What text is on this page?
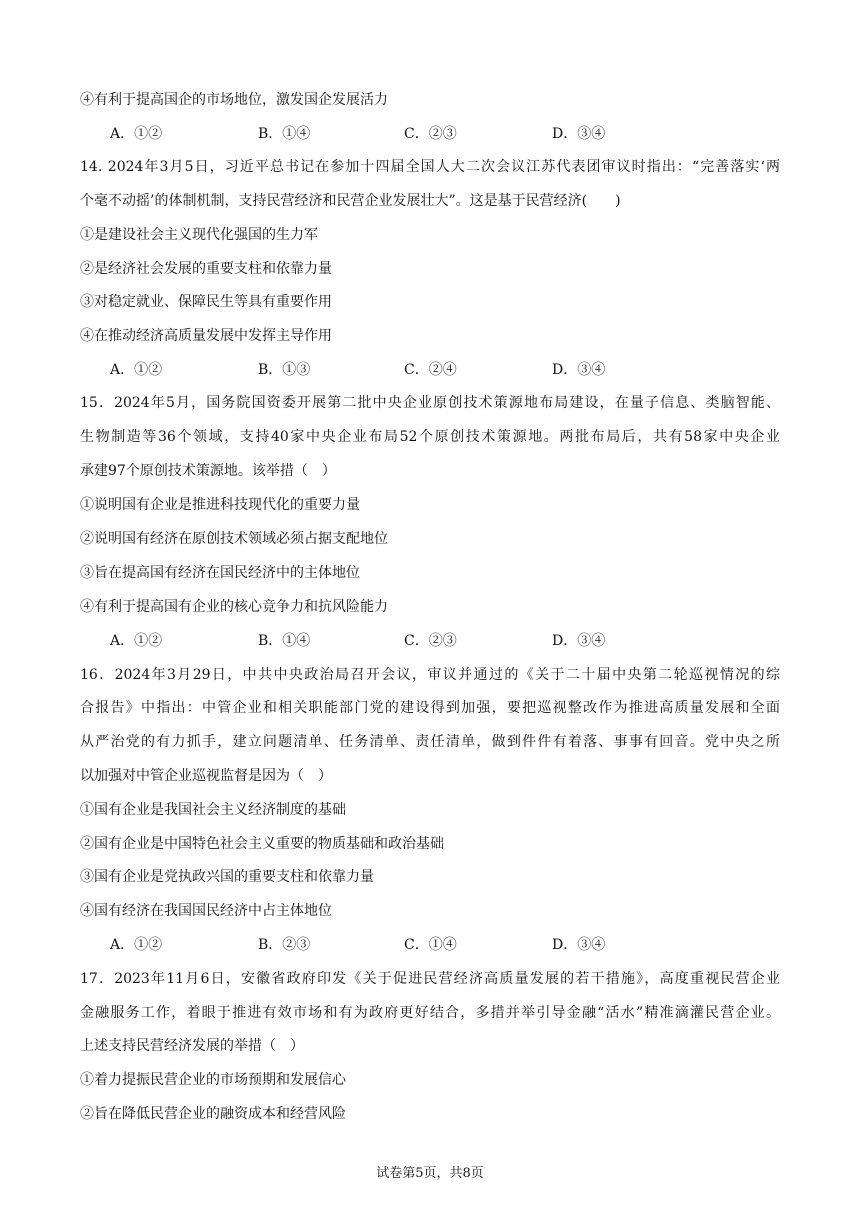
④有利于提高国企的市场地位，激发国企发展活力
A．①②	B．①④	C．②③	D．③④
14. 2024年3月5日，习近平总书记在参加十四届全国人大二次会议江苏代表团审议时指出：“完善落实‘两
个毫不动摇’的体制机制，支持民营经济和民营企业发展壮大”。这是基于民营经济(　　)
①是建设社会主义现代化强国的生力军
②是经济社会发展的重要支柱和依靠力量
③对稳定就业、保障民生等具有重要作用
④在推动经济高质量发展中发挥主导作用
A．①②	B．①③	C．②④	D．③④
15．2024年5月，国务院国资委开展第二批中央企业原创技术策源地布局建设，在量子信息、类脑智能、
生物制造等36个领域，支持40家中央企业布局52个原创技术策源地。两批布局后，共有58家中央企业
承建97个原创技术策源地。该举措（　）
①说明国有企业是推进科技现代化的重要力量
②说明国有经济在原创技术领域必须占据支配地位
③旨在提高国有经济在国民经济中的主体地位
④有利于提高国有企业的核心竞争力和抗风险能力
A．①②	B．①④	C．②③	D．③④
16．2024年3月29日，中共中央政治局召开会议，审议并通过的《关于二十届中央第二轮巡视情况的综
合报告》中指出：中管企业和相关职能部门党的建设得到加强，要把巡视整改作为推进高质量发展和全面
从严治党的有力抓手，建立问题清单、任务清单、责任清单，做到件件有着落、事事有回音。党中央之所
以加强对中管企业巡视监督是因为（　）
①国有企业是我国社会主义经济制度的基础
②国有企业是中国特色社会主义重要的物质基础和政治基础
③国有企业是党执政兴国的重要支柱和依靠力量
④国有经济在我国国民经济中占主体地位
A．①②	B．②③	C．①④	D．③④
17．2023年11月6日，安徽省政府印发《关于促进民营经济高质量发展的若干措施》，高度重视民营企业
金融服务工作，着眼于推进有效市场和有为政府更好结合，多措并举引导金融“活水”精准滴灌民营企业。
上述支持民营经济发展的举措（　）
①着力提振民营企业的市场预期和发展信心
②旨在降低民营企业的融资成本和经营风险
试卷第5页，共8页
